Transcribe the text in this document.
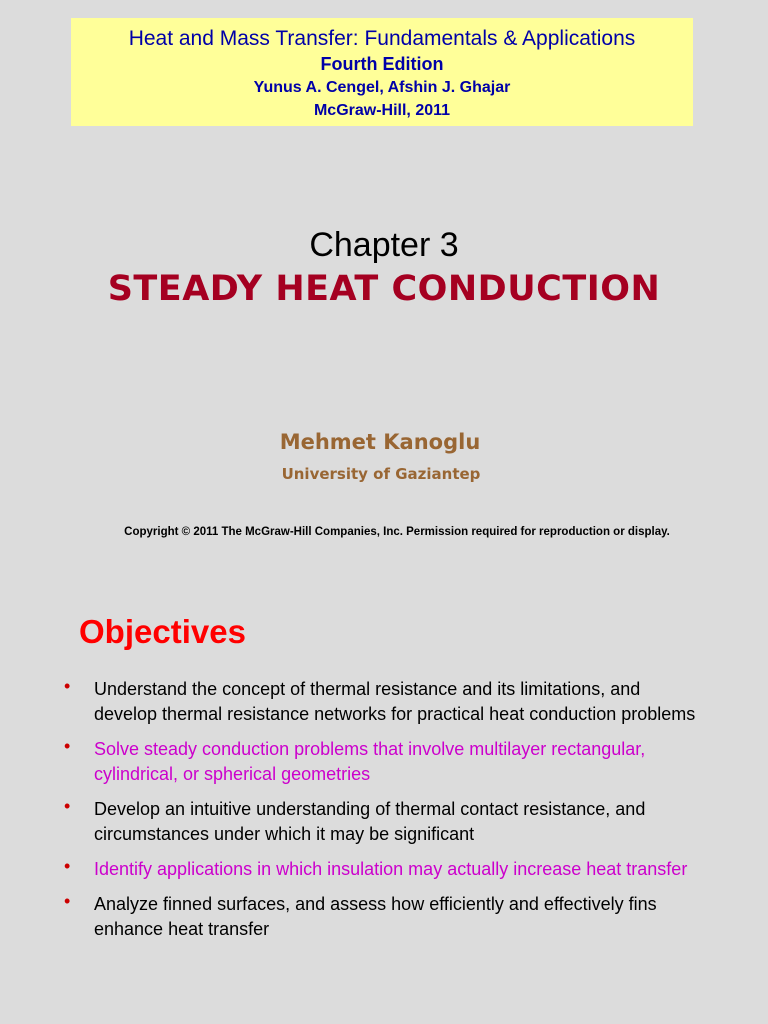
Heat and Mass Transfer: Fundamentals & Applications
Fourth Edition
Yunus A. Cengel, Afshin J. Ghajar
McGraw-Hill, 2011
Chapter 3
STEADY HEAT CONDUCTION
Mehmet Kanoglu
University of Gaziantep
Copyright © 2011 The McGraw-Hill Companies, Inc. Permission required for reproduction or display.
Objectives
• Understand the concept of thermal resistance and its limitations, and develop thermal resistance networks for practical heat conduction problems
• Solve steady conduction problems that involve multilayer rectangular, cylindrical, or spherical geometries
• Develop an intuitive understanding of thermal contact resistance, and circumstances under which it may be significant
• Identify applications in which insulation may actually increase heat transfer
• Analyze finned surfaces, and assess how efficiently and effectively fins enhance heat transfer
